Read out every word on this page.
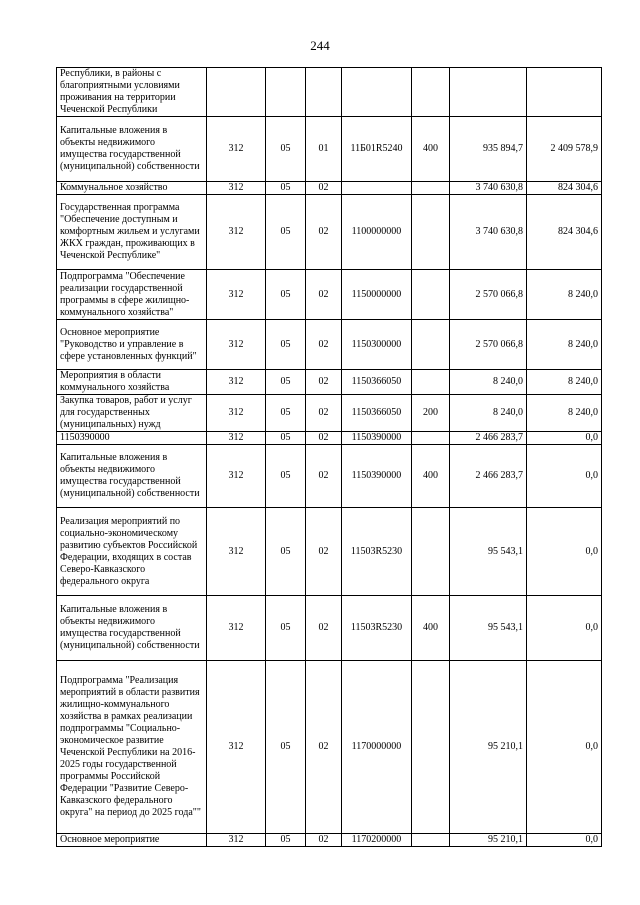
244
Республики, в районы с благоприятными условиями проживания на территории Чеченской Республики							
Капитальные вложения в объекты недвижимого имущества государственной (муниципальной) собственности	312	05	01	11Б01R5240	400	935 894,7	2 409 578,9
Коммунальное хозяйство	312	05	02			3 740 630,8	824 304,6
Государственная программа "Обеспечение доступным и комфортным жильем и услугами ЖКХ граждан, проживающих в Чеченской Республике"	312	05	02	1100000000		3 740 630,8	824 304,6
Подпрограмма "Обеспечение реализации государственной программы в сфере жилищно-коммунального хозяйства"	312	05	02	1150000000		2 570 066,8	8 240,0
Основное мероприятие "Руководство и управление в сфере установленных функций"	312	05	02	1150300000		2 570 066,8	8 240,0
Мероприятия в области коммунального хозяйства	312	05	02	1150366050		8 240,0	8 240,0
Закупка товаров, работ и услуг для государственных (муниципальных) нужд	312	05	02	1150366050	200	8 240,0	8 240,0
1150390000	312	05	02	1150390000		2 466 283,7	0,0
Капитальные вложения в объекты недвижимого имущества государственной (муниципальной) собственности	312	05	02	1150390000	400	2 466 283,7	0,0
Реализация мероприятий по социально-экономическому развитию субъектов Российской Федерации, входящих в состав Северо-Кавказского федерального округа	312	05	02	11503R5230		95 543,1	0,0
Капитальные вложения в объекты недвижимого имущества государственной (муниципальной) собственности	312	05	02	11503R5230	400	95 543,1	0,0
Подпрограмма "Реализация мероприятий в области развития жилищно-коммунального хозяйства в рамках реализации подпрограммы "Социально-экономическое развитие Чеченской Республики на 2016-2025 годы государственной программы Российской Федерации "Развитие Северо-Кавказского федерального округа" на период до 2025 года""	312	05	02	1170000000		95 210,1	0,0
Основное мероприятие	312	05	02	1170200000		95 210,1	0,0
